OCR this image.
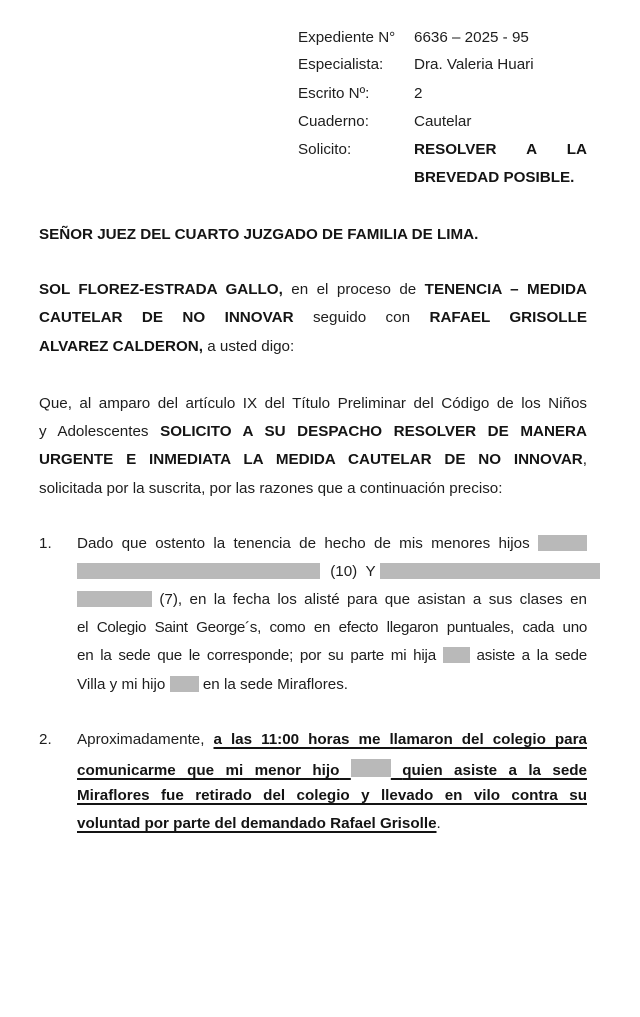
Expediente N° 6636 – 2025 - 95
Especialista: Dra. Valeria Huari
Escrito Nº:	2
Cuaderno:	Cautelar
Solicito:	RESOLVER A LA
BREVEDAD POSIBLE.
SEÑOR JUEZ DEL CUARTO JUZGADO DE FAMILIA DE LIMA.
SOL FLOREZ-ESTRADA GALLO, en el proceso de TENENCIA – MEDIDA
CAUTELAR DE NO INNOVAR seguido con RAFAEL GRISOLLE
ALVAREZ CALDERON, a usted digo:
Que, al amparo del artículo IX del Título Preliminar del Código de los Niños
y Adolescentes SOLICITO A SU DESPACHO RESOLVER DE MANERA
URGENTE E INMEDIATA LA MEDIDA CAUTELAR DE NO INNOVAR,
solicitada por la suscrita, por las razones que a continuación preciso:
1. Dado que ostento la tenencia de hecho de mis menores hijos
(10) Y
(7), en la fecha los alisté para que asistan a sus clases en
el Colegio Saint George´s, como en efecto llegaron puntuales, cada uno
en la sede que le corresponde; por su parte mi hija	asiste a la sede
Villa y mi hijo en la sede Miraflores.
2. Aproximadamente, a las 11:00 horas me llamaron del colegio para
comunicarme que mi menor hijo	quien asiste a la sede
Miraflores fue retirado del colegio y llevado en vilo contra su
voluntad por parte del demandado Rafael Grisolle.
